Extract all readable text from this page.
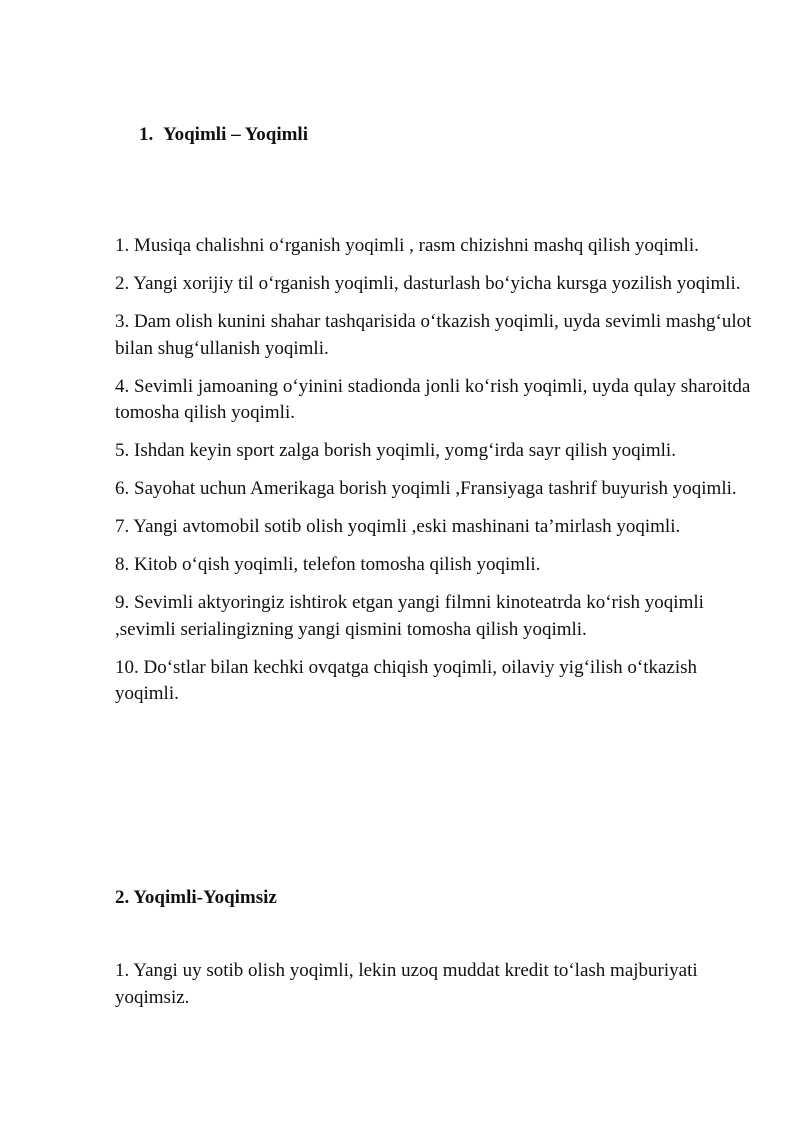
1. Yoqimli – Yoqimli
1. Musiqa chalishni o‘rganish yoqimli , rasm chizishni mashq qilish yoqimli.
2. Yangi xorijiy til o‘rganish yoqimli, dasturlash bo‘yicha kursga yozilish yoqimli.
3. Dam olish kunini shahar tashqarisida o‘tkazish yoqimli, uyda sevimli mashg‘ulot bilan shug‘ullanish yoqimli.
4. Sevimli jamoaning o‘yinini stadionda jonli ko‘rish yoqimli, uyda qulay sharoitda tomosha qilish yoqimli.
5. Ishdan keyin sport zalga borish yoqimli, yomg‘irda sayr qilish yoqimli.
6. Sayohat uchun Amerikaga borish yoqimli ,Fransiyaga tashrif buyurish yoqimli.
7. Yangi avtomobil sotib olish yoqimli ,eski mashinani ta’mirlash yoqimli.
8. Kitob o‘qish yoqimli, telefon tomosha qilish yoqimli.
9. Sevimli aktyoringiz ishtirok etgan yangi filmni kinoteatrda ko‘rish yoqimli ,sevimli serialingizning yangi qismini tomosha qilish yoqimli.
10. Do‘stlar bilan kechki ovqatga chiqish yoqimli, oilaviy yig‘ilish o‘tkazish yoqimli.
2. Yoqimli-Yoqimsiz
1. Yangi uy sotib olish yoqimli, lekin uzoq muddat kredit to‘lash majburiyati yoqimsiz.
